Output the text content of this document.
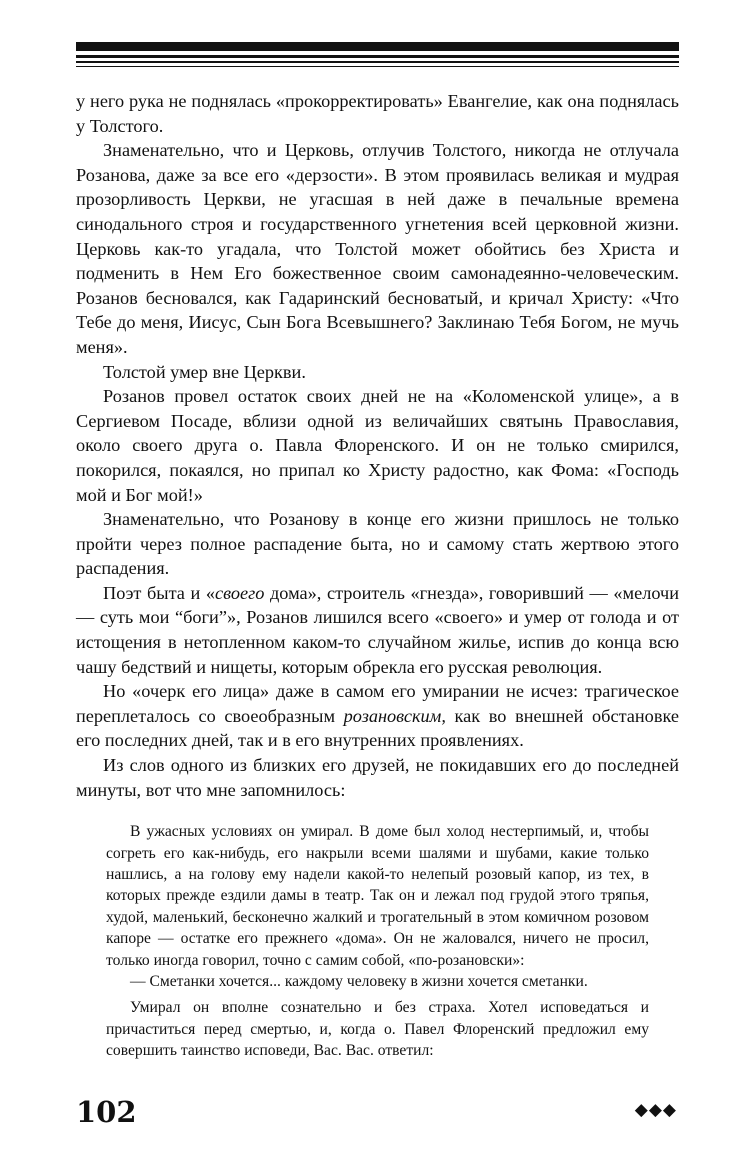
у него рука не поднялась «прокорректировать» Евангелие, как она поднялась у Толстого.

Знаменательно, что и Церковь, отлучив Толстого, никогда не отлучала Розанова, даже за все его «дерзости». В этом проявилась великая и мудрая прозорливость Церкви, не угасшая в ней даже в печальные времена синодального строя и государственного угнетения всей церковной жизни. Церковь как-то угадала, что Толстой может обойтись без Христа и подменить в Нем Его божественное своим самонадеянно-человеческим. Розанов бесновался, как Гадаринский бесноватый, и кричал Христу: «Что Тебе до меня, Иисус, Сын Бога Всевышнего? Заклинаю Тебя Богом, не мучь меня».

Толстой умер вне Церкви.

Розанов провел остаток своих дней не на «Коломенской улице», а в Сергиевом Посаде, вблизи одной из величайших святынь Православия, около своего друга о. Павла Флоренского. И он не только смирился, покорился, покаялся, но припал ко Христу радостно, как Фома: «Господь мой и Бог мой!»

Знаменательно, что Розанову в конце его жизни пришлось не только пройти через полное распадение быта, но и самому стать жертвою этого распадения.

Поэт быта и «своего дома», строитель «гнезда», говоривший — «мелочи — суть мои “боги”», Розанов лишился всего «своего» и умер от голода и от истощения в нетопленном каком-то случайном жилье, испив до конца всю чашу бедствий и нищеты, которым обрекла его русская революция.

Но «очерк его лица» даже в самом его умирании не исчез: трагическое переплеталось со своеобразным розановским, как во внешней обстановке его последних дней, так и в его внутренних проявлениях.

Из слов одного из близких его друзей, не покидавших его до последней минуты, вот что мне запомнилось:

В ужасных условиях он умирал. В доме был холод нестерпимый, и, чтобы согреть его как-нибудь, его накрыли всеми шалями и шубами, какие только нашлись, а на голову ему надели какой-то нелепый розовый капор, из тех, в которых прежде ездили дамы в театр. Так он и лежал под грудой этого тряпья, худой, маленький, бесконечно жалкий и трогательный в этом комичном розовом капоре — остатке его прежнего «дома». Он не жаловался, ничего не просил, только иногда говорил, точно с самим собой, «по-розановски»:

— Сметанки хочется... каждому человеку в жизни хочется сметанки.

Умирал он вполне сознательно и без страха. Хотел исповедаться и причаститься перед смертью, и, когда о. Павел Флоренский предложил ему совершить таинство исповеди, Вас. Вас. ответил:

102	◆◆◆
